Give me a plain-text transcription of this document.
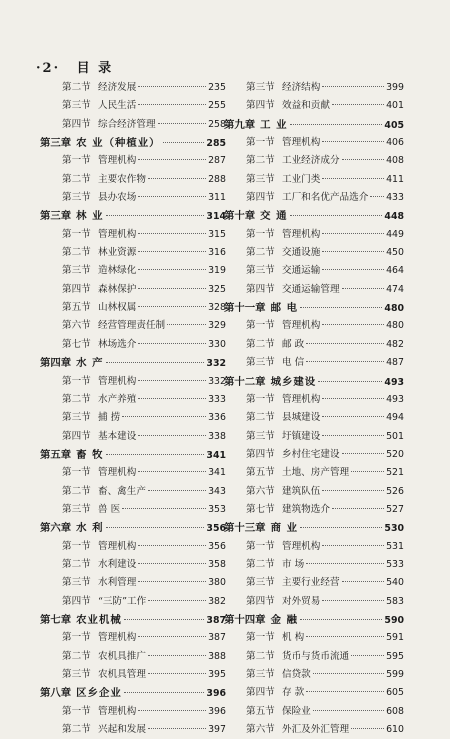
·2· 目 录
第二节 经济发展	235
第三节 人民生活	255
第四节 综合经济管理	258
第三章 农 业（种植业）	285
第一节 管理机构	287
第二节 主要农作物	288
第三节 县办农场	311
第三章 林 业	314
第一节 管理机构	315
第二节 林业资源	316
第三节 造林绿化	319
第四节 森林保护	325
第五节 山林权属	328
第六节 经营管理责任制	329
第七节 林场选介	330
第四章 水 产	332
第一节 管理机构	332
第二节 水产养殖	333
第三节 捕 捞	336
第四节 基本建设	338
第五章 畜 牧	341
第一节 管理机构	341
第二节 畜、禽生产	343
第三节 兽 医	353
第六章 水 利	356
第一节 管理机构	356
第二节 水利建设	358
第三节 水利管理	380
第四节 “三防”工作	382
第七章 农业机械	387
第一节 管理机构	387
第二节 农机具推广	388
第三节 农机具管理	395
第八章 区乡企业	396
第一节 管理机构	396
第二节 兴起和发展	397
第三节 经济结构	399
第四节 效益和贡献	401
第九章 工 业	405
第一节 管理机构	406
第二节 工业经济成分	408
第三节 工业门类	411
第四节 工厂和名优产品选介 433
第十章 交 通	448
第一节 管理机构	449
第二节 交通设施	450
第三节 交通运输	464
第四节 交通运输管理	474
第十一章 邮 电	480
第一节 管理机构	480
第二节 邮 政	482
第三节 电 信	487
第十二章 城乡建设	493
第一节 管理机构	493
第二节 县城建设	494
第三节 圩镇建设	501
第四节 乡村住宅建设	520
第五节 土地、房产管理	521
第六节 建筑队伍	526
第七节 建筑物选介	527
第十三章 商 业	530
第一节 管理机构	531
第二节 市 场	533
第三节 主要行业经营	540
第四节 对外贸易	583
第十四章 金 融	590
第一节 机 构	591
第二节 货币与货币流通	595
第三节 信贷款	599
第四节 存 款	605
第五节 保险业	608
第六节 外汇及外汇管理	610
